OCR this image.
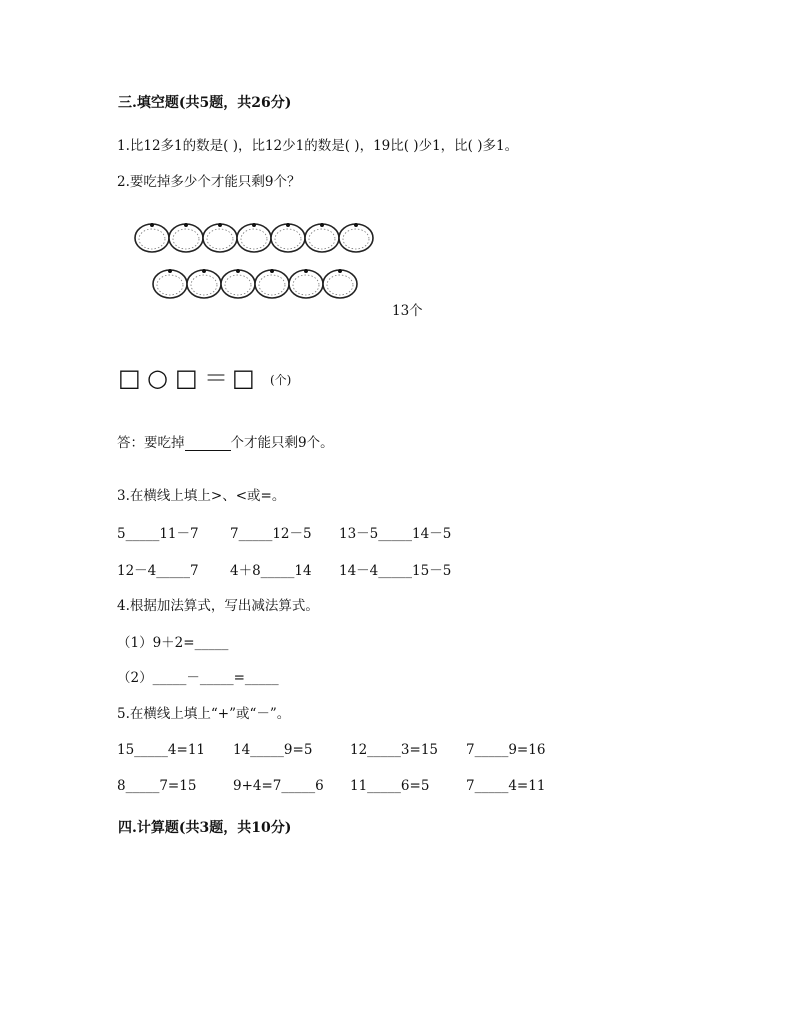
三.填空题(共5题，共26分)
1.比12多1的数是( )，比12少1的数是( )，19比( )少1，比( )多1。
2.要吃掉多少个才能只剩9个？
13个
□ ○ □ ＝ □ (个)
答：要吃掉	个才能只剩9个。
3.在横线上填上>、<或=。
5_____11－7 7_____12－5 13－5_____14－5
12－4_____7 4＋8_____14 14－4_____15－5
4.根据加法算式，写出减法算式。
（1）9＋2=_____
（2）_____－_____=_____
5.在横线上填上“+”或“－”。
15_____4=11 14_____9=5	12_____3=15 7_____9=16
8_____7=15	9+4=7_____6 11_____6=5	7_____4=11
四.计算题(共3题，共10分)
